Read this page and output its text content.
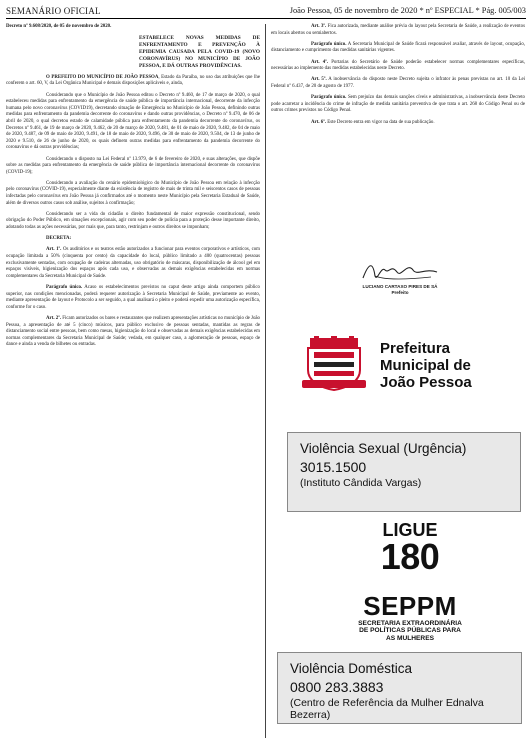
SEMANÁRIO OFICIAL	João Pessoa, 05 de novembro de 2020 * nº ESPECIAL * Pág. 005/003

Decreto nº 9.608/2020, de 05 de novembro de 2020.

ESTABELECE NOVAS MEDIDAS DE ENFRENTAMENTO E PREVENÇÃO À EPIDEMIA CAUSADA PELA COVID-19 (NOVO CORONAVÍRUS) NO MUNICÍPIO DE JOÃO PESSOA, E DÁ OUTRAS PROVIDÊNCIAS.

O PREFEITO DO MUNICÍPIO DE JOÃO PESSOA, Estado da Paraíba, no uso das atribuições que lhe conferem o art. 60, V, da Lei Orgânica Municipal e demais disposições aplicáveis e, ainda,

Considerando que o Município de João Pessoa editou o Decreto nº 9.460, de 17 de março de 2020, o qual estabeleceu medidas para enfrentamento da emergência de saúde pública de importância internacional, decorrente da infecção humana pelo novo coronavírus (COVID19), decretando situação de Emergência no Município de João Pessoa, definindo outras medidas para enfrentamento da pandemia decorrente do coronavírus e dando outras providências, o Decreto nº 9.470, de 06 de abril de 2020, o qual decretou estado de calamidade pública para enfrentamento da pandemia decorrente do coronavírus, os Decretos nº 9.461, de 19 de março de 2020, 9.462, de 20 de março de 2020, 9.481, de 01 de maio de 2020, 9.482, de 04 de maio de 2020, 9.487, de 09 de maio de 2020, 9.491, de 18 de maio de 2020, 9.496, de 30 de maio de 2020, 9.504, de 13 de junho de 2020 e 9.510, de 26 de junho de 2020, os quais definem outras medidas para enfrentamento da pandemia decorrente do coronavírus e dá outras providências;

Considerando o disposto na Lei Federal nº 13.979, de 6 de fevereiro de 2020, e suas alterações, que dispõe sobre as medidas para enfrentamento da emergência de saúde pública de importância internacional decorrente do coronavírus (COVID-19);

Considerando a avaliação do cenário epidemiológico do Município de João Pessoa em relação à infecção pelo coronavírus (COVID-19), especialmente diante da existência de registro de mais de trinta mil e seiscentos casos de pessoas infectadas pelo coronavírus em João Pessoa já confirmados até o momento neste Município pela Secretaria Estadual de Saúde, além de diversos outros casos sob análise, sujeitos à confirmação;

Considerando ser a vida do cidadão o direito fundamental de maior expressão constitucional, sendo obrigação do Poder Público, em situações excepcionais, agir com seu poder de polícia para a proteção desse importante direito, adotando todas as ações necessárias, por mais que, para tanto, restrinjam e outros direitos se imponham;

DECRETA:

Art. 1º. Os auditórios e os teatros estão autorizados a funcionar para eventos corporativos e artísticos, com ocupação limitada a 50% (cinquenta por cento) da capacidade do local, público limitado a 400 (quatrocentas) pessoas exclusivamente sentadas, com ocupação de cadeiras alternadas, uso obrigatório de máscaras, disponibilização de álcool gel em espaços visíveis, higienização dos espaços após cada uso, e observadas as demais exigências estabelecidas em normas complementares da Secretaria Municipal de Saúde.

Parágrafo único. Acaso os estabelecimentos previstos no caput deste artigo ainda comportem público superior, nas condições mencionadas, poderá requerer autorização à Secretaria Municipal de Saúde, previamente ao evento, mediante apresentação de layout e Protocolo a ser seguido, a qual analisará o pleito e poderá expedir uma autorização específica, conforme for o caso.

Art. 2º. Ficam autorizados os bares e restaurantes que realizem apresentações artísticas no município de João Pessoa, a apresentação de até 5 (cinco) músicos, para público exclusivo de pessoas sentadas, mantidas as regras de distanciamento social entre pessoas, bem como mesas, higienização do local e observadas as demais exigências estabelecidas em normas complementares da Secretaria Municipal de Saúde; vedada, em qualquer caso, a aglomeração de pessoas, espaço de dance e ainda a venda de bilhetes ou entradas.

Art. 3º. Fica autorizada, mediante análise prévia do layout pela Secretaria de Saúde, a realização de eventos em locais abertos ou semiabertos.

Parágrafo único. A Secretaria Municipal de Saúde ficará responsável avaliar, através de layout, ocupação, distanciamento e cumprimento das medidas sanitárias vigentes.

Art. 4º. Portarias do Secretário de Saúde poderão estabelecer normas complementares específicas, necessárias ao implemento das medidas estabelecidas neste Decreto.

Art. 5º. A inobservância do disposto neste Decreto sujeita o infrator às penas previstas no art. 10 da Lei Federal nº 6.437, de 20 de agosto de 1977.

Parágrafo único. Sem prejuízo das demais sanções cíveis e administrativas, a inobservância deste Decreto pode acarretar a incidência do crime de infração de medida sanitária preventiva de que trata o art. 268 do Código Penal ou de outros crimes previstos no Código Penal.

Art. 6º. Este Decreto entra em vigor na data de sua publicação.

LUCIANO CARTAXO PIRES DE SÁ
Prefeito
Prefeitura
Municipal de
João Pessoa
Violência Sexual (Urgência)
3015.1500
(Instituto Cândida Vargas)
LIGUE
180
SEPPM
SECRETARIA EXTRAORDINÁRIA
DE POLÍTICAS PÚBLICAS PARA
AS MULHERES
Violência Doméstica
0800 283.3883
(Centro de Referência da Mulher Ednalva Bezerra)
